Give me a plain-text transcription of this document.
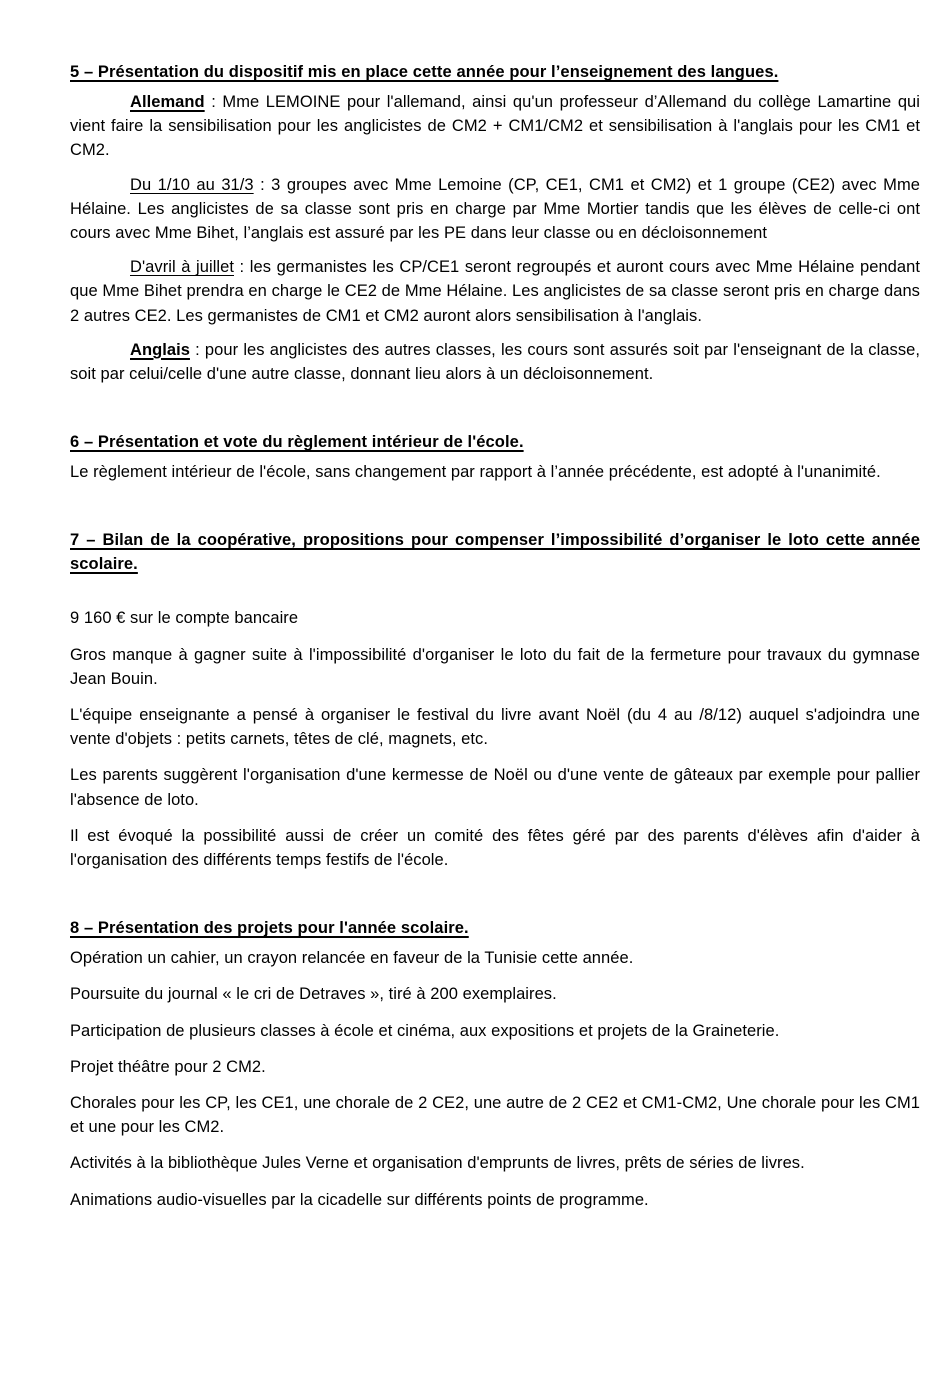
5 – Présentation du dispositif mis en place cette année pour l’enseignement des langues.

Allemand : Mme LEMOINE pour l'allemand, ainsi qu'un professeur d’Allemand du collège Lamartine qui vient faire la sensibilisation pour les anglicistes de CM2 + CM1/CM2 et sensibilisation à l'anglais pour les CM1 et CM2.

Du 1/10 au 31/3 : 3 groupes avec Mme Lemoine (CP, CE1, CM1 et CM2) et 1 groupe (CE2) avec Mme Hélaine. Les anglicistes de sa classe sont pris en charge par Mme Mortier tandis que les élèves de celle-ci ont cours avec Mme Bihet, l’anglais est assuré par les PE dans leur classe ou en décloisonnement

D'avril à juillet : les germanistes les CP/CE1 seront regroupés et auront cours avec Mme Hélaine pendant que Mme Bihet prendra en charge le CE2 de Mme Hélaine. Les anglicistes de sa classe seront pris en charge dans 2 autres CE2. Les germanistes de CM1 et CM2 auront alors sensibilisation à l'anglais.

Anglais : pour les anglicistes des autres classes, les cours sont assurés soit par l'enseignant de la classe, soit par celui/celle d'une autre classe, donnant lieu alors à un décloisonnement.

6 – Présentation et vote du règlement intérieur de l'école.

Le règlement intérieur de l'école, sans changement par rapport à l’année précédente, est adopté à l'unanimité.

7 – Bilan de la coopérative, propositions pour compenser l’impossibilité d’organiser le loto cette année scolaire.

9 160 € sur le compte bancaire

Gros manque à gagner suite à l'impossibilité d'organiser le loto du fait de la fermeture pour travaux du gymnase Jean Bouin.

L'équipe enseignante a pensé à organiser le festival du livre avant Noël (du 4 au /8/12) auquel s'adjoindra une vente d'objets : petits carnets, têtes de clé, magnets, etc.

Les parents suggèrent l'organisation d'une kermesse de Noël ou d'une vente de gâteaux par exemple pour pallier l'absence de loto.

Il est évoqué la possibilité aussi de créer un comité des fêtes géré par des parents d'élèves afin d'aider à l'organisation des différents temps festifs de l'école.

8 – Présentation des projets pour l'année scolaire.

Opération un cahier, un crayon relancée en faveur de la Tunisie cette année.

Poursuite du journal « le cri de Detraves », tiré à 200 exemplaires.

Participation de plusieurs classes à école et cinéma, aux expositions et projets de la Graineterie.

Projet théâtre pour 2 CM2.

Chorales pour les CP, les CE1, une chorale de 2 CE2, une autre de 2 CE2 et CM1-CM2, Une chorale pour les CM1 et une pour les CM2.

Activités à la bibliothèque Jules Verne et organisation d'emprunts de livres, prêts de séries de livres.

Animations audio-visuelles par la cicadelle sur différents points de programme.
